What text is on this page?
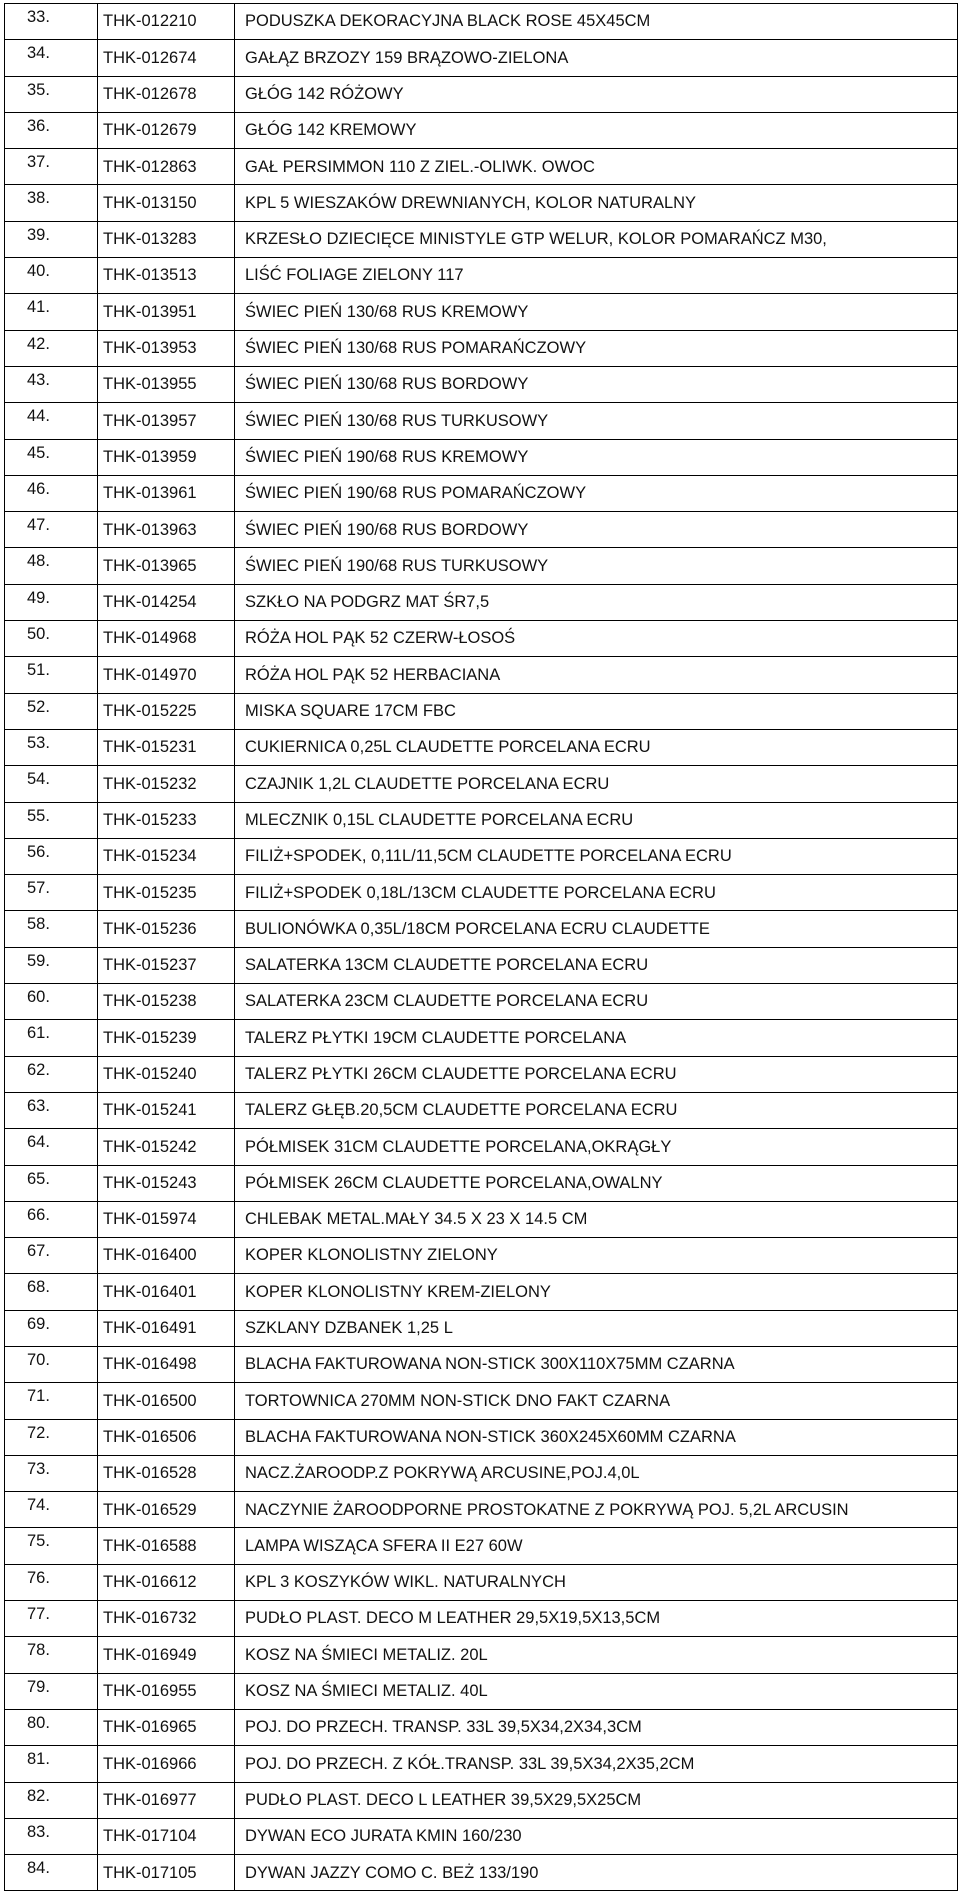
33.	THK-012210	PODUSZKA DEKORACYJNA BLACK ROSE 45X45CM
34.	THK-012674	GAŁĄZ BRZOZY 159 BRĄZOWO-ZIELONA
35.	THK-012678	GŁÓG 142 RÓŻOWY
36.	THK-012679	GŁÓG 142 KREMOWY
37.	THK-012863	GAŁ PERSIMMON 110 Z ZIEL.-OLIWK. OWOC
38.	THK-013150	KPL 5 WIESZAKÓW DREWNIANYCH, KOLOR NATURALNY
39.	THK-013283	KRZESŁO DZIECIĘCE MINISTYLE GTP WELUR, KOLOR POMARAŃCZ M30,
40.	THK-013513	LIŚĆ FOLIAGE ZIELONY 117
41.	THK-013951	ŚWIEC PIEŃ 130/68 RUS KREMOWY
42.	THK-013953	ŚWIEC PIEŃ 130/68 RUS POMARAŃCZOWY
43.	THK-013955	ŚWIEC PIEŃ 130/68 RUS BORDOWY
44.	THK-013957	ŚWIEC PIEŃ 130/68 RUS TURKUSOWY
45.	THK-013959	ŚWIEC PIEŃ 190/68 RUS KREMOWY
46.	THK-013961	ŚWIEC PIEŃ 190/68 RUS POMARAŃCZOWY
47.	THK-013963	ŚWIEC PIEŃ 190/68 RUS BORDOWY
48.	THK-013965	ŚWIEC PIEŃ 190/68 RUS TURKUSOWY
49.	THK-014254	SZKŁO NA PODGRZ MAT ŚR7,5
50.	THK-014968	RÓŻA HOL PĄK 52 CZERW-ŁOSOŚ
51.	THK-014970	RÓŻA HOL PĄK 52 HERBACIANA
52.	THK-015225	MISKA SQUARE 17CM FBC
53.	THK-015231	CUKIERNICA 0,25L CLAUDETTE PORCELANA ECRU
54.	THK-015232	CZAJNIK 1,2L CLAUDETTE PORCELANA ECRU
55.	THK-015233	MLECZNIK 0,15L CLAUDETTE PORCELANA ECRU
56.	THK-015234	FILIŻ+SPODEK, 0,11L/11,5CM CLAUDETTE PORCELANA ECRU
57.	THK-015235	FILIŻ+SPODEK 0,18L/13CM CLAUDETTE PORCELANA ECRU
58.	THK-015236	BULIONÓWKA 0,35L/18CM PORCELANA ECRU CLAUDETTE
59.	THK-015237	SALATERKA 13CM CLAUDETTE PORCELANA ECRU
60.	THK-015238	SALATERKA 23CM CLAUDETTE PORCELANA ECRU
61.	THK-015239	TALERZ PŁYTKI 19CM CLAUDETTE PORCELANA
62.	THK-015240	TALERZ PŁYTKI 26CM CLAUDETTE PORCELANA ECRU
63.	THK-015241	TALERZ GŁĘB.20,5CM CLAUDETTE PORCELANA ECRU
64.	THK-015242	PÓŁMISEK 31CM CLAUDETTE PORCELANA,OKRĄGŁY
65.	THK-015243	PÓŁMISEK 26CM CLAUDETTE PORCELANA,OWALNY
66.	THK-015974	CHLEBAK METAL.MAŁY 34.5 X 23 X 14.5 CM
67.	THK-016400	KOPER KLONOLISTNY ZIELONY
68.	THK-016401	KOPER KLONOLISTNY KREM-ZIELONY
69.	THK-016491	SZKLANY DZBANEK 1,25 L
70.	THK-016498	BLACHA FAKTUROWANA NON-STICK 300X110X75MM CZARNA
71.	THK-016500	TORTOWNICA 270MM NON-STICK DNO FAKT CZARNA
72.	THK-016506	BLACHA FAKTUROWANA NON-STICK 360X245X60MM CZARNA
73.	THK-016528	NACZ.ŻAROODP.Z POKRYWĄ ARCUSINE,POJ.4,0L
74.	THK-016529	NACZYNIE ŻAROODPORNE PROSTOKATNE Z POKRYWĄ POJ. 5,2L ARCUSIN
75.	THK-016588	LAMPA WISZĄCA SFERA II E27 60W
76.	THK-016612	KPL 3 KOSZYKÓW WIKL. NATURALNYCH
77.	THK-016732	PUDŁO PLAST. DECO M LEATHER 29,5X19,5X13,5CM
78.	THK-016949	KOSZ NA ŚMIECI METALIZ. 20L
79.	THK-016955	KOSZ NA ŚMIECI METALIZ. 40L
80.	THK-016965	POJ. DO PRZECH. TRANSP. 33L 39,5X34,2X34,3CM
81.	THK-016966	POJ. DO PRZECH. Z KÓŁ.TRANSP. 33L 39,5X34,2X35,2CM
82.	THK-016977	PUDŁO PLAST. DECO L LEATHER 39,5X29,5X25CM
83.	THK-017104	DYWAN ECO JURATA KMIN 160/230
84.	THK-017105	DYWAN JAZZY COMO C. BEŻ 133/190
